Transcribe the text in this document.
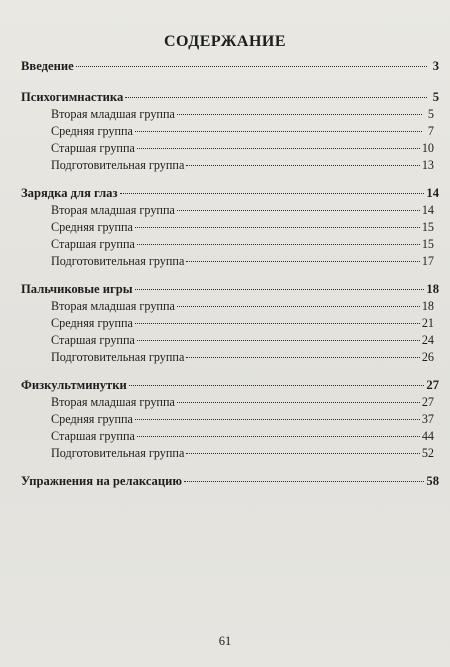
СОДЕРЖАНИЕ
Введение	3
Психогимнастика	5
Вторая младшая группа	5
Средняя группа	7
Старшая группа	10
Подготовительная группа	13
Зарядка для глаз	14
Вторая младшая группа	14
Средняя группа	15
Старшая группа	15
Подготовительная группа	17
Пальчиковые игры	18
Вторая младшая группа	18
Средняя группа	21
Старшая группа	24
Подготовительная группа	26
Физкультминутки	27
Вторая младшая группа	27
Средняя группа	37
Старшая группа	44
Подготовительная группа	52
Упражнения на релаксацию	58
61
